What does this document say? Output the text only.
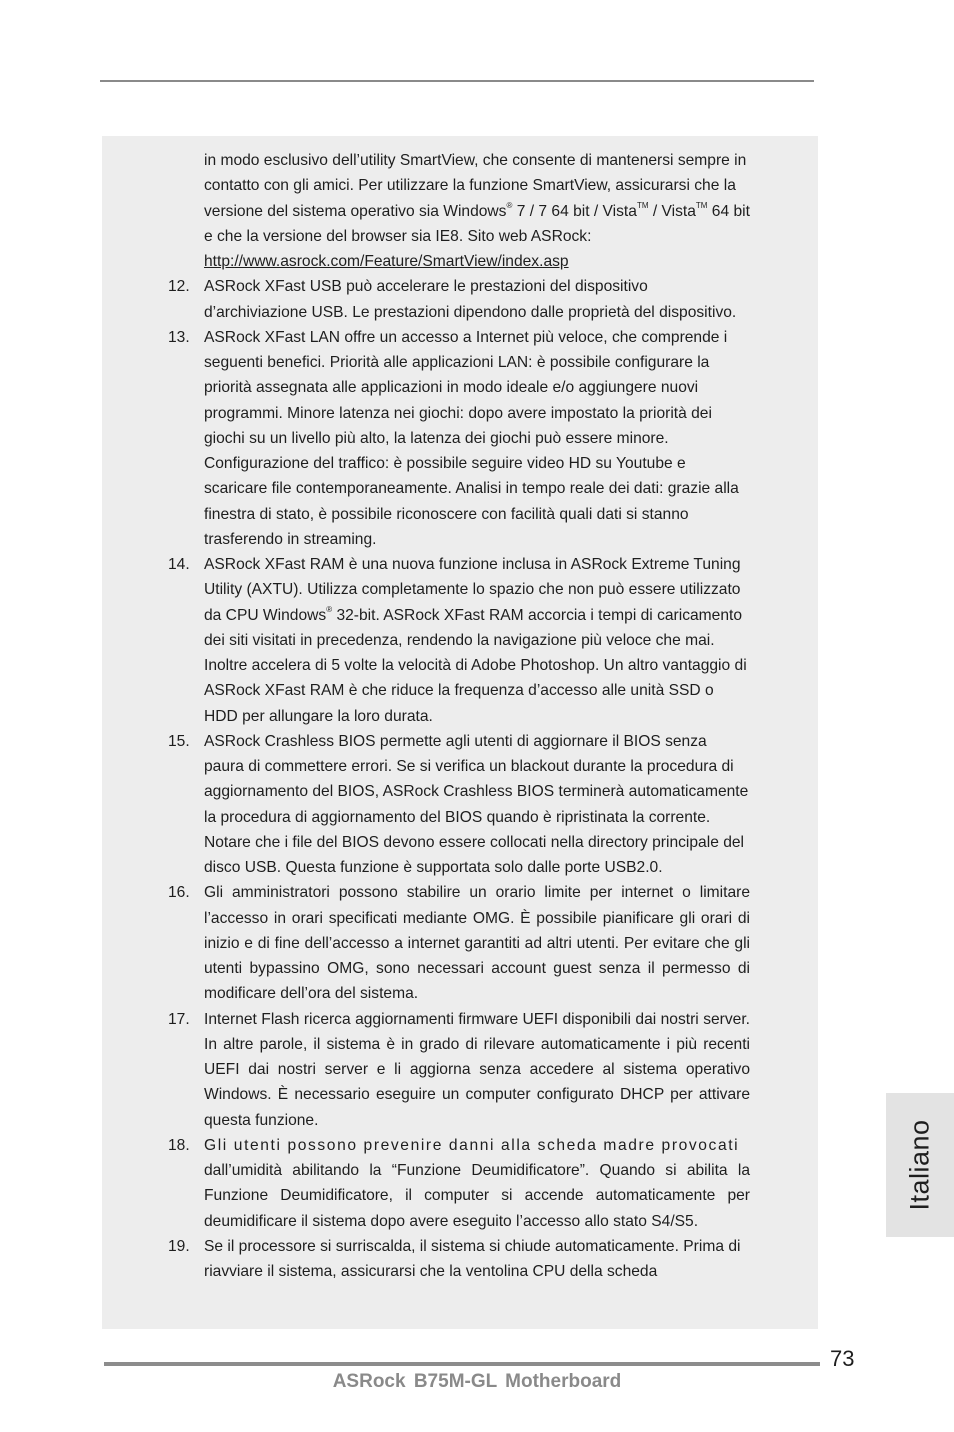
in modo esclusivo dell’utility SmartView, che consente di mantenersi sempre in contatto con gli amici. Per utilizzare la funzione SmartView, assicurarsi che la versione del sistema operativo sia Windows® 7 / 7 64 bit / Vista™ / Vista™ 64 bit e che la versione del browser sia IE8. Sito web ASRock: http://www.asrock.com/Feature/SmartView/index.asp

12. ASRock XFast USB può accelerare le prestazioni del dispositivo d’archiviazione USB. Le prestazioni dipendono dalle proprietà del dispositivo.

13. ASRock XFast LAN offre un accesso a Internet più veloce, che comprende i seguenti benefici. Priorità alle applicazioni LAN: è possibile configurare la priorità assegnata alle applicazioni in modo ideale e/o aggiungere nuovi programmi. Minore latenza nei giochi: dopo avere impostato la priorità dei giochi su un livello più alto, la latenza dei giochi può essere minore. Configurazione del traffico: è possibile seguire video HD su Youtube e scaricare file contemporaneamente. Analisi in tempo reale dei dati: grazie alla finestra di stato, è possibile riconoscere con facilità quali dati si stanno trasferendo in streaming.

14. ASRock XFast RAM è una nuova funzione inclusa in ASRock Extreme Tuning Utility (AXTU). Utilizza completamente lo spazio che non può essere utilizzato da CPU Windows® 32-bit. ASRock XFast RAM accorcia i tempi di caricamento dei siti visitati in precedenza, rendendo la navigazione più veloce che mai. Inoltre accelera di 5 volte la velocità di Adobe Photoshop. Un altro vantaggio di ASRock XFast RAM è che riduce la frequenza d’accesso alle unità SSD o HDD per allungare la loro durata.

15. ASRock Crashless BIOS permette agli utenti di aggiornare il BIOS senza paura di commettere errori. Se si verifica un blackout durante la procedura di aggiornamento del BIOS, ASRock Crashless BIOS terminerà automaticamente la procedura di aggiornamento del BIOS quando è ripristinata la corrente. Notare che i file del BIOS devono essere collocati nella directory principale del disco USB. Questa funzione è supportata solo dalle porte USB2.0.

16. Gli amministratori possono stabilire un orario limite per internet o limitare l’accesso in orari specificati mediante OMG. È possibile pianificare gli orari di inizio e di fine dell’accesso a internet garantiti ad altri utenti. Per evitare che gli utenti bypassino OMG, sono necessari account guest senza il permesso di modificare dell’ora del sistema.

17. Internet Flash ricerca aggiornamenti firmware UEFI disponibili dai nostri server. In altre parole, il sistema è in grado di rilevare automaticamente i più recenti UEFI dai nostri server e li aggiorna senza accedere al sistema operativo Windows. È necessario eseguire un computer configurato DHCP per attivare questa funzione.

18. Gli utenti possono prevenire danni alla scheda madre provocati
dall’umidità abilitando la “Funzione Deumidificatore”. Quando si abilita la Funzione Deumidificatore, il computer si accende automaticamente per deumidificare il sistema dopo avere eseguito l’accesso allo stato S4/S5.

19. Se il processore si surriscalda, il sistema si chiude automaticamente. Prima di riavviare il sistema, assicurarsi che la ventolina CPU della scheda

Italiano
73
ASRock B75M-GL Motherboard
